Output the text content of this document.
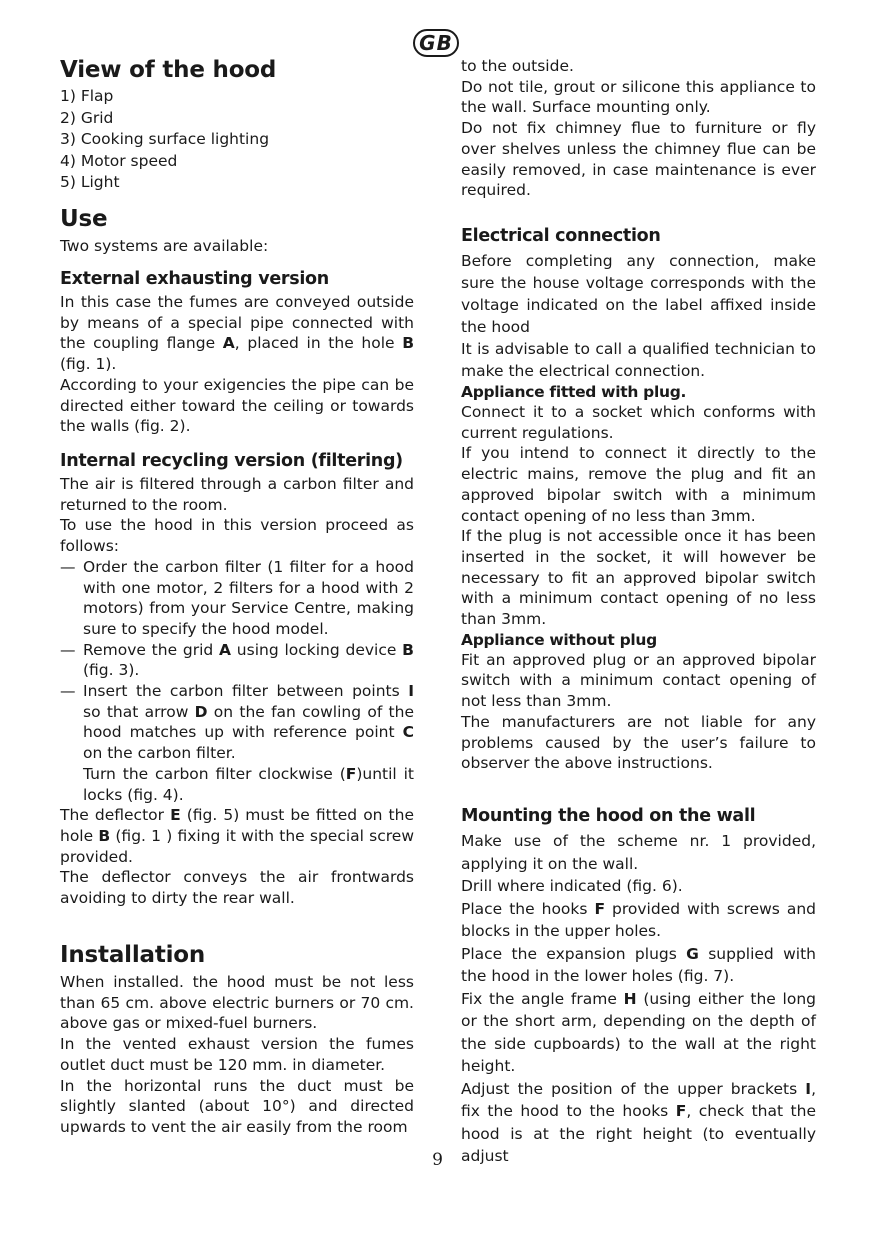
GB
View of the hood
1) Flap
2) Grid
3) Cooking surface lighting
4) Motor speed
5) Light
Use

Two systems are available:

External exhausting version

In this case the fumes are conveyed outside by means of a special pipe connected with the coupling flange A, placed in the hole B (fig. 1).

According to your exigencies the pipe can be directed either toward the ceiling or towards the walls (fig. 2).

Internal recycling version (filtering)

The air is filtered through a carbon filter and returned to the room.

To use the hood in this version proceed as follows:

— Order the carbon filter (1 filter for a hood with one motor, 2 filters for a hood with 2 motors) from your Service Centre, making sure to specify the hood model.
— Remove the grid A using locking device B (fig. 3).
— Insert the carbon filter between points I so that arrow D on the fan cowling of the hood matches up with reference point C on the carbon filter.
Turn the carbon filter clockwise (F)until it locks (fig. 4).

The deflector E (fig. 5) must be fitted on the hole B (fig. 1 ) fixing it with the special screw provided.

The deflector conveys the air frontwards avoiding to dirty the rear wall.

Installation

When installed. the hood must be not less than 65 cm. above electric burners or 70 cm. above gas or mixed-fuel burners.

In the vented exhaust version the fumes outlet duct must be 120 mm. in diameter.

In the horizontal runs the duct must be slightly slanted (about 10°) and directed upwards to vent the air easily from the room

to the outside.

Do not tile, grout or silicone this appliance to the wall. Surface mounting only.

Do not fix chimney flue to furniture or fly over shelves unless the chimney flue can be easily removed, in case maintenance is ever required.

Electrical connection

Before completing any connection, make sure the house voltage corresponds with the voltage indicated on the label affixed inside the hood

It is advisable to call a qualified technician to make the electrical connection.

Appliance fitted with plug.

Connect it to a socket which conforms with current regulations.

If you intend to connect it directly to the electric mains, remove the plug and fit an approved bipolar switch with a minimum contact opening of no less than 3mm.

If the plug is not accessible once it has been inserted in the socket, it will however be necessary to fit an approved bipolar switch with a minimum contact opening of no less than 3mm.

Appliance without plug

Fit an approved plug or an approved bipolar switch with a minimum contact opening of not less than 3mm.

The manufacturers are not liable for any problems caused by the user’s failure to observer the above instructions.

Mounting the hood on the wall

Make use of the scheme nr. 1 provided, applying it on the wall.

Drill where indicated (fig. 6).

Place the hooks F provided with screws and blocks in the upper holes.

Place the expansion plugs G supplied with the hood in the lower holes (fig. 7).

Fix the angle frame H (using either the long or the short arm, depending on the depth of the side cupboards) to the wall at the right height.

Adjust the position of the upper brackets I, fix the hood to the hooks F, check that the hood is at the right height (to eventually adjust

9
